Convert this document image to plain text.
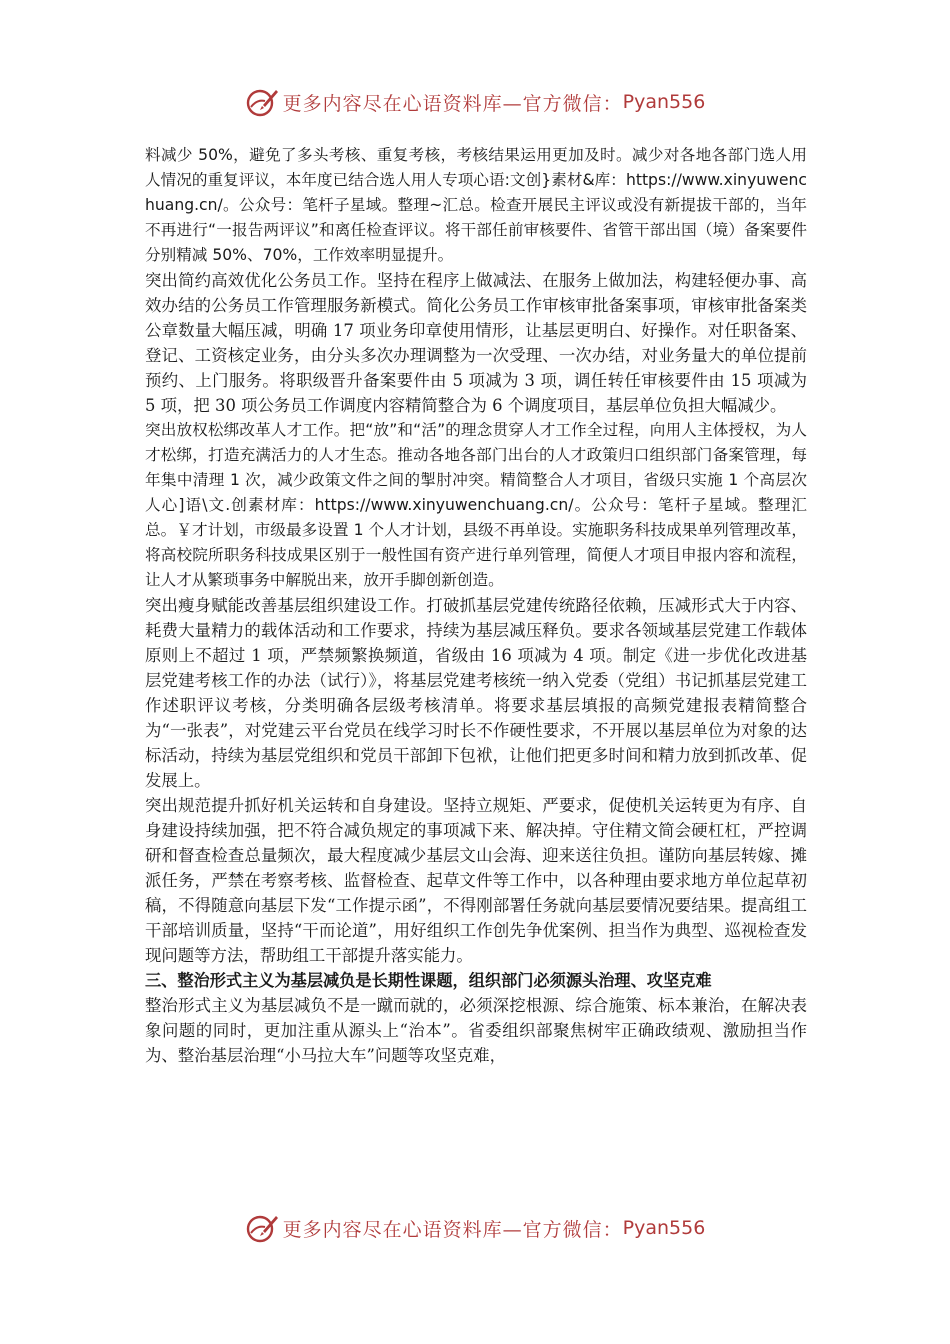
更多内容尽在心语资料库—官方微信： Pyan556

料减少 50%，避免了多头考核、重复考核，考核结果运用更加及时。减少对各地各部门选人用人情况的重复评议，本年度已结合选人用人专项心语:文创}素材&库：https://www.xinyuwenchuang.cn/。公众号：笔杆子星域。整理~汇总。检查开展民主评议或没有新提拔干部的，当年不再进行“一报告两评议”和离任检查评议。将干部任前审核要件、省管干部出国（境）备案要件分别精减 50%、70%，工作效率明显提升。

突出简约高效优化公务员工作。坚持在程序上做减法、在服务上做加法，构建轻便办事、高效办结的公务员工作管理服务新模式。简化公务员工作审核审批备案事项，审核审批备案类公章数量大幅压减，明确 17 项业务印章使用情形，让基层更明白、好操作。对任职备案、登记、工资核定业务，由分头多次办理调整为一次受理、一次办结，对业务量大的单位提前预约、上门服务。将职级晋升备案要件由 5 项减为 3 项，调任转任审核要件由 15 项减为 5 项，把 30 项公务员工作调度内容精简整合为 6 个调度项目，基层单位负担大幅减少。

突出放权松绑改革人才工作。把“放”和“活”的理念贯穿人才工作全过程，向用人主体授权，为人才松绑，打造充满活力的人才生态。推动各地各部门出台的人才政策归口组织部门备案管理，每年集中清理 1 次，减少政策文件之间的掣肘冲突。精简整合人才项目，省级只实施 1 个高层次人心]语\文.创素材库：https://www.xinyuwenchuang.cn/。公众号：笔杆子星域。整理汇总。￥才计划，市级最多设置 1 个人才计划，县级不再单设。实施职务科技成果单列管理改革，将高校院所职务科技成果区别于一般性国有资产进行单列管理，简便人才项目申报内容和流程，让人才从繁琐事务中解脱出来，放开手脚创新创造。

突出瘦身赋能改善基层组织建设工作。打破抓基层党建传统路径依赖，压减形式大于内容、耗费大量精力的载体活动和工作要求，持续为基层减压释负。要求各领域基层党建工作载体原则上不超过 1 项，严禁频繁换频道，省级由 16 项减为 4 项。制定《进一步优化改进基层党建考核工作的办法（试行）》，将基层党建考核统一纳入党委（党组）书记抓基层党建工作述职评议考核，分类明确各层级考核清单。将要求基层填报的高频党建报表精简整合为“一张表”，对党建云平台党员在线学习时长不作硬性要求，不开展以基层单位为对象的达标活动，持续为基层党组织和党员干部卸下包袱，让他们把更多时间和精力放到抓改革、促发展上。

突出规范提升抓好机关运转和自身建设。坚持立规矩、严要求，促使机关运转更为有序、自身建设持续加强，把不符合减负规定的事项减下来、解决掉。守住精文简会硬杠杠，严控调研和督查检查总量频次，最大程度减少基层文山会海、迎来送往负担。谨防向基层转嫁、摊派任务，严禁在考察考核、监督检查、起草文件等工作中，以各种理由要求地方单位起草初稿，不得随意向基层下发“工作提示函”，不得刚部署任务就向基层要情况要结果。提高组工干部培训质量，坚持“干而论道”，用好组织工作创先争优案例、担当作为典型、巡视检查发现问题等方法，帮助组工干部提升落实能力。

三、整治形式主义为基层减负是长期性课题，组织部门必须源头治理、攻坚克难

整治形式主义为基层减负不是一蹴而就的，必须深挖根源、综合施策、标本兼治，在解决表象问题的同时，更加注重从源头上“治本”。省委组织部聚焦树牢正确政绩观、激励担当作为、整治基层治理“小马拉大车”问题等攻坚克难，

更多内容尽在心语资料库—官方微信： Pyan556
